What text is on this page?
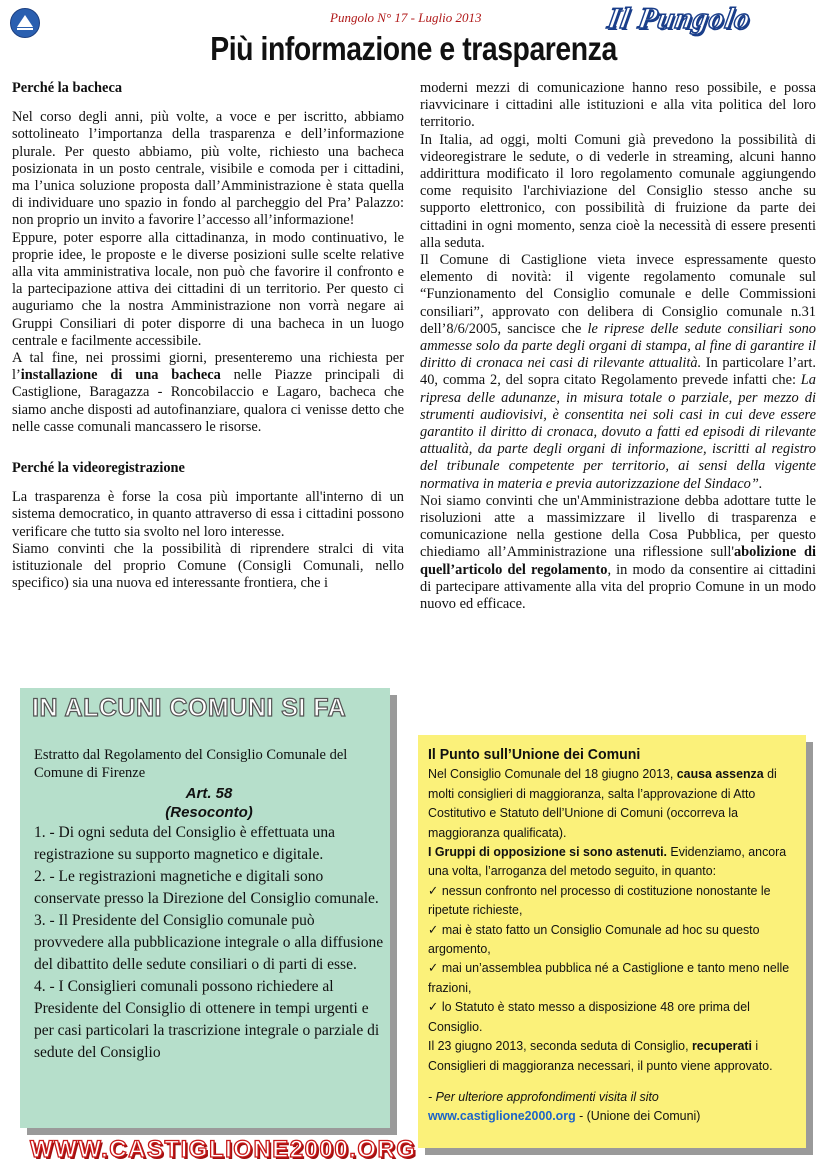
Pungolo N° 17 - Luglio 2013	Il Pungolo
Più informazione e trasparenza

Perché la bacheca

Nel corso degli anni, più volte, a voce e per iscritto, abbiamo sottolineato l’importanza della trasparenza e dell’informazione plurale. Per questo abbiamo, più volte, richiesto una bacheca posizionata in un posto centrale, visibile e comoda per i cittadini, ma l’unica soluzione proposta dall’Amministrazione è stata quella di individuare uno spazio in fondo al parcheggio del Pra’ Palazzo: non proprio un invito a favorire l’accesso all’informazione!

Eppure, poter esporre alla cittadinanza, in modo continuativo, le proprie idee, le proposte e le diverse posizioni sulle scelte relative alla vita amministrativa locale, non può che favorire il confronto e la partecipazione attiva dei cittadini di un territorio. Per questo ci auguriamo che la nostra Amministrazione non vorrà negare ai Gruppi Consiliari di poter disporre di una bacheca in un luogo centrale e facilmente accessibile.

A tal fine, nei prossimi giorni, presenteremo una richiesta per l’installazione di una bacheca nelle Piazze principali di Castiglione, Baragazza - Roncobilaccio e Lagaro, bacheca che siamo anche disposti ad autofinanziare, qualora ci venisse detto che nelle casse comunali mancassero le risorse.

Perché la videoregistrazione

La trasparenza è forse la cosa più importante all'interno di un sistema democratico, in quanto attraverso di essa i cittadini possono verificare che tutto sia svolto nel loro interesse.

Siamo convinti che la possibilità di riprendere stralci di vita istituzionale del proprio Comune (Consigli Comunali, nello specifico) sia una nuova ed interessante frontiera, che i

moderni mezzi di comunicazione hanno reso possibile, e possa riavvicinare i cittadini alle istituzioni e alla vita politica del loro territorio.

In Italia, ad oggi, molti Comuni già prevedono la possibilità di videoregistrare le sedute, o di vederle in streaming, alcuni hanno addirittura modificato il loro regolamento comunale aggiungendo come requisito l'archiviazione del Consiglio stesso anche su supporto elettronico, con possibilità di fruizione da parte dei cittadini in ogni momento, senza cioè la necessità di essere presenti alla seduta.

Il Comune di Castiglione vieta invece espressamente questo elemento di novità: il vigente regolamento comunale sul “Funzionamento del Consiglio comunale e delle Commissioni consiliari”, approvato con delibera di Consiglio comunale n.31 dell’8/6/2005, sancisce che le riprese delle sedute consiliari sono ammesse solo da parte degli organi di stampa, al fine di garantire il diritto di cronaca nei casi di rilevante attualità. In particolare l’art. 40, comma 2, del sopra citato Regolamento prevede infatti che: La ripresa delle adunanze, in misura totale o parziale, per mezzo di strumenti audiovisivi, è consentita nei soli casi in cui deve essere garantito il diritto di cronaca, dovuto a fatti ed episodi di rilevante attualità, da parte degli organi di informazione, iscritti al registro del tribunale competente per territorio, ai sensi della vigente normativa in materia e previa autorizzazione del Sindaco”.

Noi siamo convinti che un'Amministrazione debba adottare tutte le risoluzioni atte a massimizzare il livello di trasparenza e comunicazione nella gestione della Cosa Pubblica, per questo chiediamo all’Amministrazione una riflessione sull'abolizione di quell’articolo del regolamento, in modo da consentire ai cittadini di partecipare attivamente alla vita del proprio Comune in un modo nuovo ed efficace.

IN ALCUNI COMUNI SI FA

Estratto dal Regolamento del Consiglio Comunale del Comune di Firenze

Art. 58

(Resoconto)

1. - Di ogni seduta del Consiglio è effettuata una registrazione su supporto magnetico e digitale.

2. - Le registrazioni magnetiche e digitali sono conservate presso la Direzione del Consiglio comunale.

3. - Il Presidente del Consiglio comunale può provvedere alla pubblicazione integrale o alla diffusione del dibattito delle sedute consiliari o di parti di esse.

4. - I Consiglieri comunali possono richiedere al Presidente del Consiglio di ottenere in tempi urgenti e per casi particolari la trascrizione integrale o parziale di sedute del Consiglio

Il Punto sull’Unione dei Comuni

Nel Consiglio Comunale del 18 giugno 2013, causa assenza di molti consiglieri di maggioranza, salta l’approvazione di Atto Costitutivo e Statuto dell’Unione di Comuni (occorreva la maggioranza qualificata).

I Gruppi di opposizione si sono astenuti. Evidenziamo, ancora una volta, l’arroganza del metodo seguito, in quanto:

✓ nessun confronto nel processo di costituzione nonostante le ripetute richieste,

✓ mai è stato fatto un Consiglio Comunale ad hoc su questo argomento,

✓ mai un’assemblea pubblica né a Castiglione e tanto meno nelle frazioni,

✓ lo Statuto è stato messo a disposizione 48 ore prima del Consiglio.

Il 23 giugno 2013, seconda seduta di Consiglio, recuperati i Consiglieri di maggioranza necessari, il punto viene approvato.

- Per ulteriore approfondimenti visita il sito

www.castiglione2000.org - (Unione dei Comuni)

WWW.CASTIGLIONE2000.ORG
